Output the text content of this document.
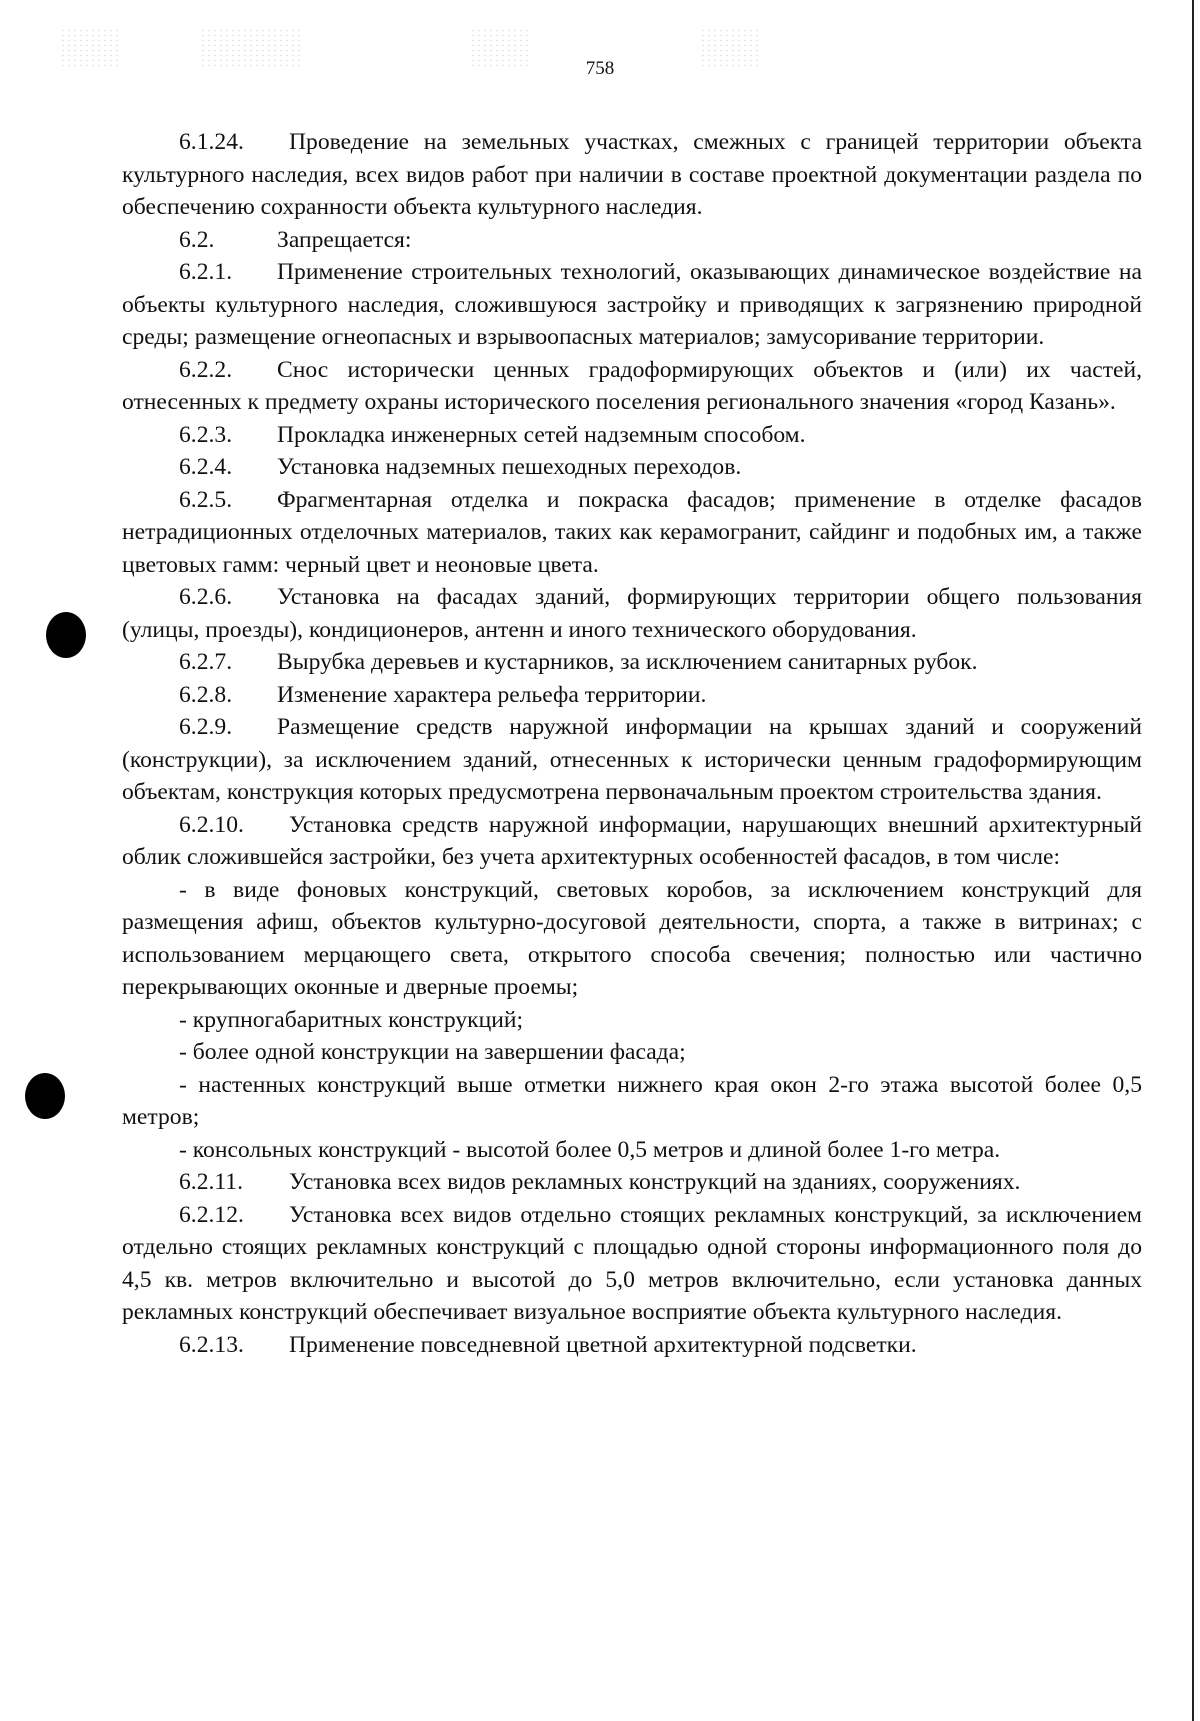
758

6.1.24. Проведение на земельных участках, смежных с границей территории объекта культурного наследия, всех видов работ при наличии в составе проектной документации раздела по обеспечению сохранности объекта культурного наследия.

6.2.	Запрещается:

6.2.1. Применение строительных технологий, оказывающих динамическое воздействие на объекты культурного наследия, сложившуюся застройку и приводящих к загрязнению природной среды; размещение огнеопасных и взрывоопасных материалов; замусоривание территории.

6.2.2. Снос исторически ценных градоформирующих объектов и (или) их частей, отнесенных к предмету охраны исторического поселения регионального значения «город Казань».

6.2.3. Прокладка инженерных сетей надземным способом.

6.2.4. Установка надземных пешеходных переходов.

6.2.5. Фрагментарная отделка и покраска фасадов; применение в отделке фасадов нетрадиционных отделочных материалов, таких как керамогранит, сайдинг и подобных им, а также цветовых гамм: черный цвет и неоновые цвета.

6.2.6. Установка на фасадах зданий, формирующих территории общего пользования (улицы, проезды), кондиционеров, антенн и иного технического оборудования.

6.2.7. Вырубка деревьев и кустарников, за исключением санитарных рубок.

6.2.8. Изменение характера рельефа территории.

6.2.9. Размещение средств наружной информации на крышах зданий и сооружений (конструкции), за исключением зданий, отнесенных к исторически ценным градоформирующим объектам, конструкция которых предусмотрена первоначальным проектом строительства здания.

6.2.10. Установка средств наружной информации, нарушающих внешний архитектурный облик сложившейся застройки, без учета архитектурных особенностей фасадов, в том числе:

- в виде фоновых конструкций, световых коробов, за исключением конструкций для размещения афиш, объектов культурно-досуговой деятельности, спорта, а также в витринах; с использованием мерцающего света, открытого способа свечения; полностью или частично перекрывающих оконные и дверные проемы;

- крупногабаритных конструкций;

- более одной конструкции на завершении фасада;

- настенных конструкций выше отметки нижнего края окон 2-го этажа высотой более 0,5 метров;

- консольных конструкций - высотой более 0,5 метров и длиной более 1-го метра.

6.2.11. Установка всех видов рекламных конструкций на зданиях, сооружениях.

6.2.12. Установка всех видов отдельно стоящих рекламных конструкций, за исключением отдельно стоящих рекламных конструкций с площадью одной стороны информационного поля до 4,5 кв. метров включительно и высотой до 5,0 метров включительно, если установка данных рекламных конструкций обеспечивает визуальное восприятие объекта культурного наследия.

6.2.13. Применение повседневной цветной архитектурной подсветки.
